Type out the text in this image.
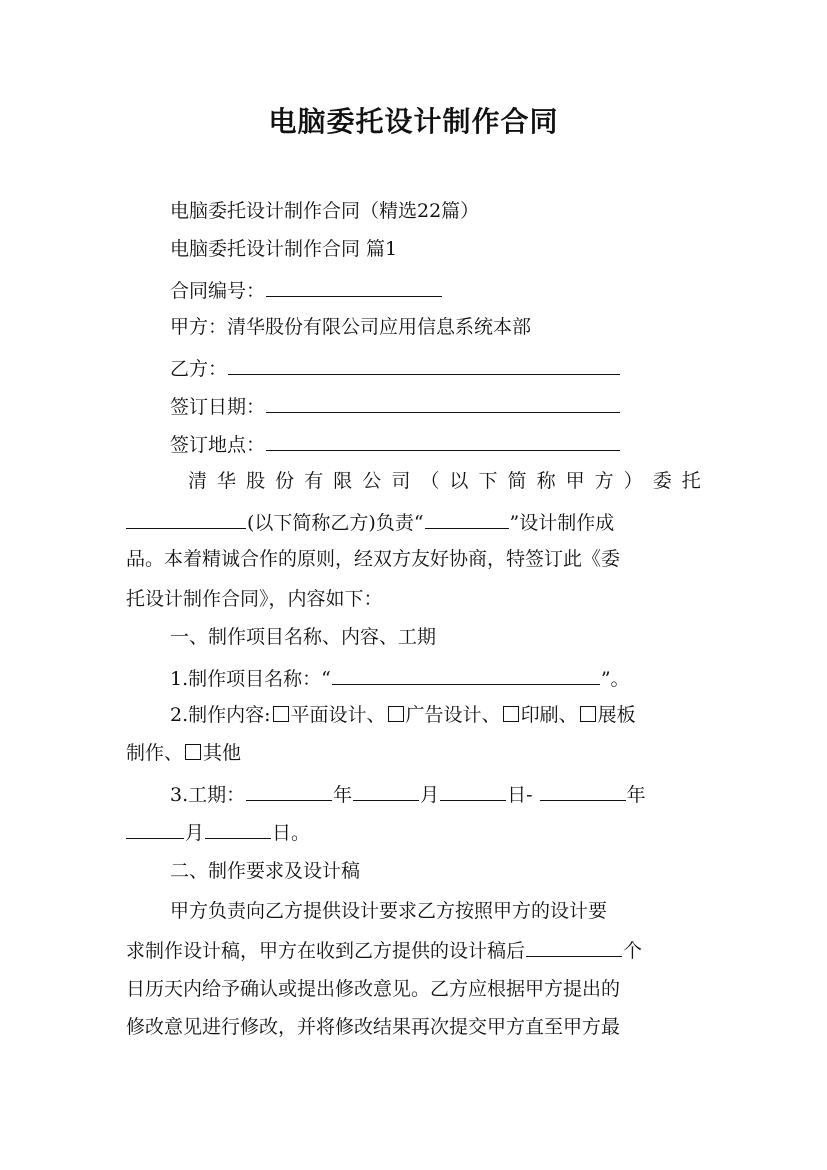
电脑委托设计制作合同
电脑委托设计制作合同（精选22篇）
电脑委托设计制作合同 篇1
合同编号：
甲方：清华股份有限公司应用信息系统本部
乙方：
签订日期：
签订地点：
清 华 股 份 有 限 公 司 （ 以 下 简 称 甲 方 ） 委 托
(以下简称乙方)负责“	”设计制作成
品。本着精诚合作的原则，经双方友好协商，特签订此《委
托设计制作合同》，内容如下：
一、制作项目名称、内容、工期
1.制作项目名称：“	”。
2.制作内容: 平面设计、 广告设计、 印刷、 展板
制作、 其他
3.工期：	年	月	日-	年
月	日。
二、制作要求及设计稿
甲方负责向乙方提供设计要求乙方按照甲方的设计要
求制作设计稿，甲方在收到乙方提供的设计稿后	个
日历天内给予确认或提出修改意见。乙方应根据甲方提出的
修改意见进行修改，并将修改结果再次提交甲方直至甲方最
